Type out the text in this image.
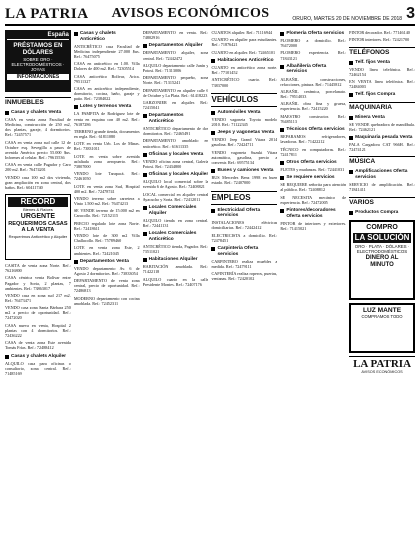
LA PATRIA AVISOS ECONÓMICOS	ORURO, MARTES 20 DE NOVIEMBRE DE 2018 3
España
PRÉSTAMOS EN DÓLARES
SOBRE ORO · ELECTRODOMÉSTICOS · JOYAS
INFORMACIONES
INMUEBLES
Casas y chalets Venta
CASA en venta zona Facultad de Medicina, construcción de 250 m2, dos plantas, garaje, 4 dormitorios. Ref.: 72457571
CASA en venta zona sud calle 12 de Octubre esq. Sevegilla a pasos de avenida América precio 55.000 $us. Informes al celular. Ref.: 79615536
CASA en venta calle Pagador y Caro 200 m2. Ref.: 76474201
VENDO casa 100 m2 dos vivienda, gran ampliación en zona central, dos baños. Ref.: 60411740
RECORD
Bienes & Raíces
URGENTE
REQUERIMOS CASAS A LA VENTA
Requerimos Anticrético y Alquiler
CASITA de venta zona Norte. Ref.: 76216800
CASA céntrica venta Bolívar entre Pagador y Soria, 2 plantas, 7 ambientes. Ref.: 73863017
VENDO casa en zona sud 217 m2. Ref.: 76473471
VENDO casa zona Santa Bárbara 250 m2 a precio de oportunidad. Ref.: 72472020
CASA nueva en venta, Hospital 2 plantas con 4 dormitorios. Ref.: 72436222
CASA de venta zona Este avenida Tomás Frías. Ref.: 72488412
Casas y chalets Alquiler
ALQUILO casa para oficinas o consultorio, zona central. Ref.: 71485169
Casas y chalets Anticrético
ANTICRÉTICO casa Facultad de Medicina independiente 27.000 $us. Ref.: 76475075
CASA en anticrético en 1.00. Villa Dolores de 400 m2. Ref.: 72305514
CASA anticrético Bolívar, Arica. 79511327
CASA en anticrético independiente, dormitorio, cocina, baño, garaje y patio. Ref.: 72384022
Lotes y terrenos Venta
LA PAMPITA de Rodríguez lote de venta en esquina con 40 m2. Ref.: 76187286
TERRENO grande tienda, documentos en regla. Ref.: 61811080
LOTE en venta Urb. Los de Minas. Ref.: 73831011
LOTE en venta sobre avenida asfaltada zona aeropuerto. Ref.: 73807000
VENDO lote Tarapacá. Ref.: 72461050
LOTE en venta zona Sud, Hospital 400 m2. Ref.: 72478741
VENDO terreno sobre carretera a Vinto 1.500 m2. Ref.: 76474213
SE VENDE terreno de 15.000 m2 en Caracollo. Ref.: 72152115
PRECIO regalado lote zona Norte. Ref.: 72418611
VENDO lote de 300 m2 Villa Challacollo. Ref.: 75789460
LOTE en venta zona Este, 2 ambientes. Ref.: 72421045
Departamentos Venta
VENDO departamento Av. 6 de Agosto 2 dormitorios. Ref.: 73833054
DEPARTAMENTO de venta zona central, precio de oportunidad. Ref.: 72486813
MODERNO departamento con cocina amoblada. Ref.: 72452311
DEPARTAMENTO en venta. Ref.: 74802916
Departamentos Alquiler
DEPARTAMENTO alquiler, zona central. Ref.: 72442472
ALQUILO departamento calle Junín y Potosí. Ref.: 71313006
DEPARTAMENTO pequeño, zona Norte. Ref.: 71315241
DEPARTAMENTO en alquiler calle 6 de Octubre y La Plata. Ref.: 61418223
GARZONIER en alquiler. Ref.: 72415041
Departamentos Anticrético
ANTICRÉTICO departamento de dos dormitorios. Ref.: 72465491
DEPARTAMENTO amoblado en anticrético. Ref.: 61611335
Oficinas y locales Venta
VENDO oficina zona central, Galería Potosí. Ref.: 72434800
Oficinas y locales Alquiler
ALQUILO local comercial sobre la avenida 6 de Agosto. Ref.: 72408821
LOCAL comercial en alquiler central Ayacucho y Soria. Ref.: 72412011
Locales Comerciales Alquiler
ALQUILO tienda en zona central. Ref.: 72441131
Locales Comerciales Anticrético
ANTICRÉTICO tienda, Pagador. Ref.: 73511021
Habitaciones Alquiler
HABITACIÓN amoblada. Ref.: 71422118
ALQUILO cuarto en la calle Presidente Montes. Ref.: 72407176
CUARTOS alquiler. Ref.: 71116944
CUARTO en alquiler para estudiantes. Ref.: 71876421
CUARTO en alquiler. Ref.: 72465101
Habitaciones Anticrético
CUARTO en anticrético zona norte. Ref.: 77101452
ANTICRÉTICO cuarto. Ref.: 73837000
VEHÍCULOS
Automóviles Venta
VENDO vagoneta Toyota modelo 2010. Ref.: 71122345
Jeeps y vagonetas Venta
VENDO Jeep Grand Vitara 2014 gasolina. Ref.: 72424711
VENDO vagoneta Suzuki Vitara automática, gasolina, precio a convenir. Ref.: 69575134
Buses y camiones Venta
BUS Mercedes Benz 1998 en buen estado. Ref.: 72407000
EMPLEOS
Electricidad Oferta servicios
INSTALACIONES eléctricas domiciliarias. Ref.: 72442412
ELECTRICISTA a domicilio. Ref.: 72478451
Carpintería Oferta servicios
CARPINTERO realiza muebles a medida. Ref.: 72479111
CAPINTERÍA realiza roperos, puertas, ventanas. Ref.: 72420102
Plomería Oferta servicios
PLOMERO a domicilio. Ref.: 76472000
PLOMERO experiencia. Ref.: 71843121
Albañilería Oferta servicios
ALBAÑIL construcciones, refacciones, pintura. Ref.: 71445812
ALBAÑIL cerámica, porcelanato. Ref.: 79514033
ALBAÑIL obra fina y gruesa, experiencia. Ref.: 72415220
MAESTRO constructor. Ref.: 76485113
Técnicos Oferta servicios
REPARAMOS refrigeradores, lavadoras. Ref.: 71422212
TÉCNICO en computadoras. Ref.: 72417811
Otros Oferta servicios
FLETES y mudanzas. Ref.: 72441031
Se requiere servicios
SE REQUIERE señorita para atención al público. Ref.: 72408812
SE NECESITA mecánico de experiencia. Ref.: 72472005
Pintores/decoradores Oferta servicios
PINTOR de interiores y exteriores. Ref.: 71415021
PINTOR decorador. Ref.: 77146140
PINTOR interiores. Ref.: 72421700
TELÉFONOS
Telf. fijos Venta
VENDO línea telefónica. Ref.: 72462154
EN VENTA línea telefónica. Ref.: 72484003
Telf. fijos Compra
MAQUINARIA
Minera Venta
SE VENDE quebradora de mandíbula. Ref.: 72462121
Maquinaria pesada Venta
PALA Cargadora CAT 966H. Ref.: 72474121
MÚSICA
Amplificaciones Oferta servicios
SERVICIO de amplificación. Ref.: 71841411
VARIOS
Productos Compra
COMPRO
LA SOLUCIÓN
ORO · PLATA · DÓLARES · ELECTRODOMÉSTICOS
DINERO AL MINUTO
LUZ MANTE
COMPRAMOS TODO
LA PATRIA
AVISOS ECONÓMICOS
